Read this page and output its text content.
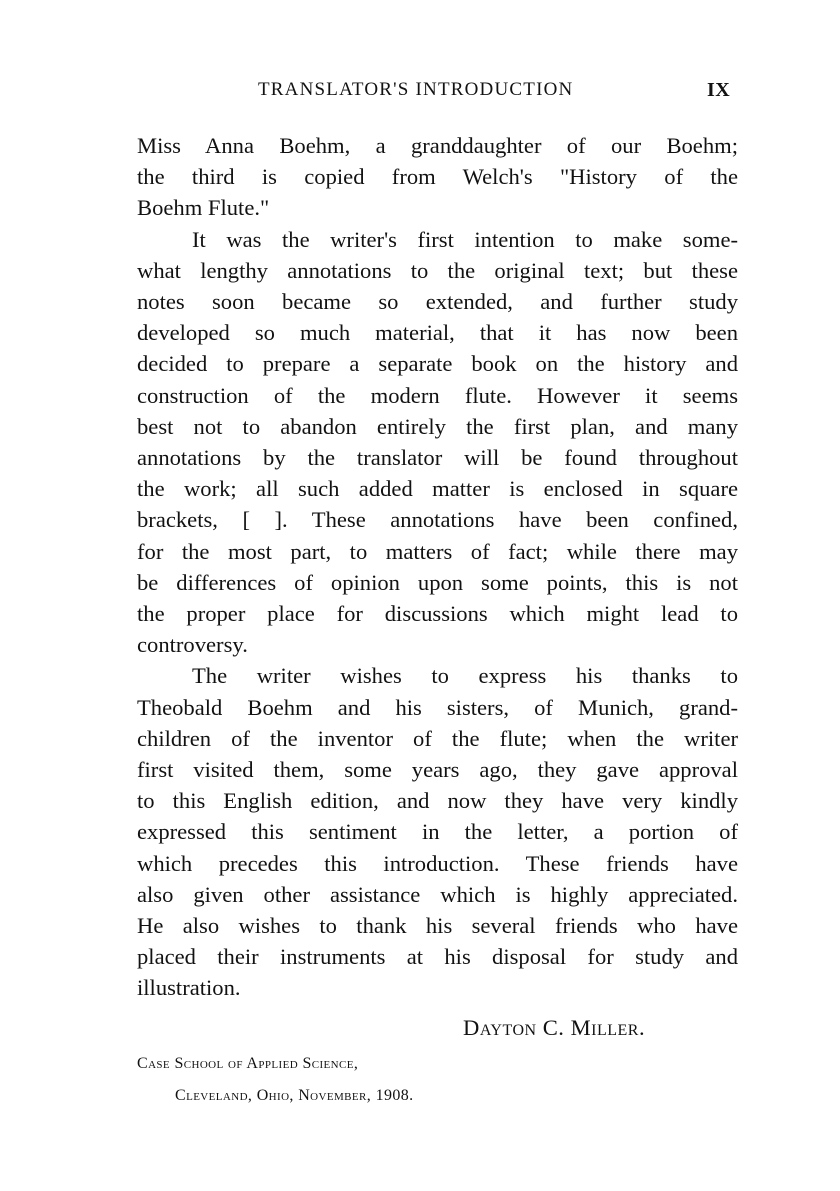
TRANSLATOR'S INTRODUCTION	IX
Miss Anna Boehm, a granddaughter of our Boehm;
the third is copied from Welch's "History of the
Boehm Flute."
It was the writer's first intention to make some-
what lengthy annotations to the original text; but these
notes soon became so extended, and further study
developed so much material, that it has now been
decided to prepare a separate book on the history and
construction of the modern flute. However it seems
best not to abandon entirely the first plan, and many
annotations by the translator will be found throughout
the work; all such added matter is enclosed in square
brackets, [ ]. These annotations have been confined,
for the most part, to matters of fact; while there may
be differences of opinion upon some points, this is not
the proper place for discussions which might lead to
controversy.
The writer wishes to express his thanks to
Theobald Boehm and his sisters, of Munich, grand-
children of the inventor of the flute; when the writer
first visited them, some years ago, they gave approval
to this English edition, and now they have very kindly
expressed this sentiment in the letter, a portion of
which precedes this introduction. These friends have
also given other assistance which is highly appreciated.
He also wishes to thank his several friends who have
placed their instruments at his disposal for study and
illustration.
Dayton C. Miller.
Case School of Applied Science,
Cleveland, Ohio, November, 1908.
